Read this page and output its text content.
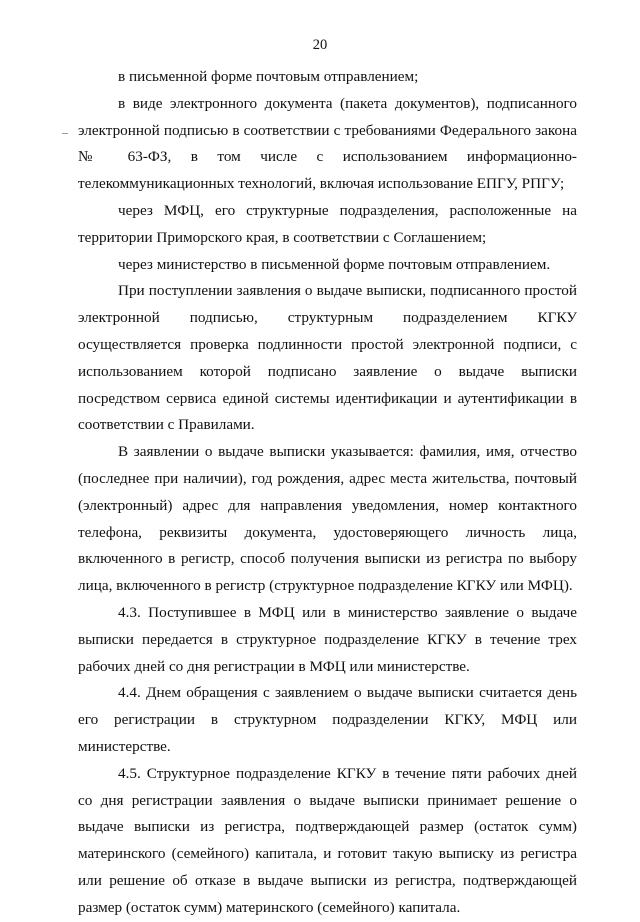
20

в письменной форме почтовым отправлением;

в виде электронного документа (пакета документов), подписанного электронной подписью в соответствии с требованиями Федерального закона № 63-ФЗ, в том числе с использованием информационно-телекоммуникационных технологий, включая использование ЕПГУ, РПГУ;

через МФЦ, его структурные подразделения, расположенные на территории Приморского края, в соответствии с Соглашением;

через министерство в письменной форме почтовым отправлением.

При поступлении заявления о выдаче выписки, подписанного простой электронной подписью, структурным подразделением КГКУ осуществляется проверка подлинности простой электронной подписи, с использованием которой подписано заявление о выдаче выписки посредством сервиса единой системы идентификации и аутентификации в соответствии с Правилами.

В заявлении о выдаче выписки указывается: фамилия, имя, отчество (последнее при наличии), год рождения, адрес места жительства, почтовый (электронный) адрес для направления уведомления, номер контактного телефона, реквизиты документа, удостоверяющего личность лица, включенного в регистр, способ получения выписки из регистра по выбору лица, включенного в регистр (структурное подразделение КГКУ или МФЦ).

4.3. Поступившее в МФЦ или в министерство заявление о выдаче выписки передается в структурное подразделение КГКУ в течение трех рабочих дней со дня регистрации в МФЦ или министерстве.

4.4. Днем обращения с заявлением о выдаче выписки считается день его регистрации в структурном подразделении КГКУ, МФЦ или министерстве.

4.5. Структурное подразделение КГКУ в течение пяти рабочих дней со дня регистрации заявления о выдаче выписки принимает решение о выдаче выписки из регистра, подтверждающей размер (остаток сумм) материнского (семейного) капитала, и готовит такую выписку из регистра или решение об отказе в выдаче выписки из регистра, подтверждающей размер (остаток сумм) материнского (семейного) капитала.
